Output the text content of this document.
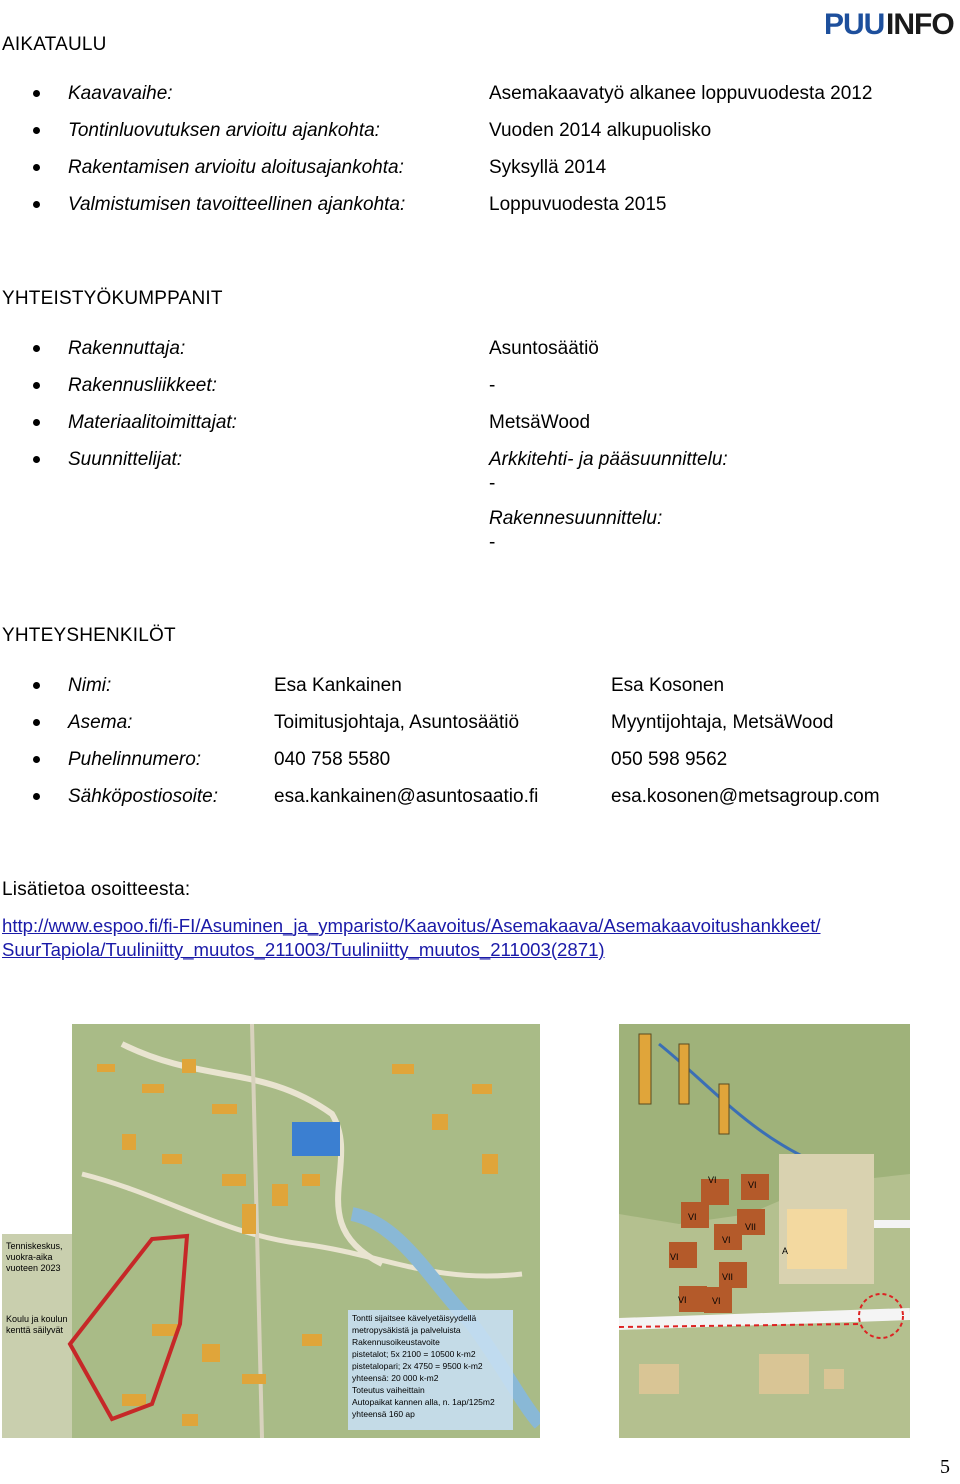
PUU INFO
AIKATAULU
Kaavavaihe:	Asemakaavatyö alkanee loppuvuodesta 2012
Tontinluovutuksen arvioitu ajankohta:	Vuoden 2014 alkupuolisko
Rakentamisen arvioitu aloitusajankohta:	Syksyllä 2014
Valmistumisen tavoitteellinen ajankohta:	Loppuvuodesta 2015
YHTEISTYÖKUMPPANIT
Rakennuttaja:	Asuntosäätiö
Rakennusliikkeet:	-
Materiaalitoimittajat:	MetsäWood
Suunnittelijat:	Arkkitehti- ja pääsuunnittelu:
-
Rakennesuunnittelu:
-
YHTEYSHENKILÖT
Nimi:	Esa Kankainen	Esa Kosonen
Asema:	Toimitusjohtaja, Asuntosäätiö	Myyntijohtaja, MetsäWood
Puhelinnumero:	040 758 5580	050 598 9562
Sähköpostiosoite:	esa.kankainen@asuntosaatio.fi	esa.kosonen@metsagroup.com
Lisätietoa osoitteesta:
http://www.espoo.fi/fi-FI/Asuminen_ja_ymparisto/Kaavoitus/Asemakaava/Asemakaavoitushankkeet/
SuurTapiola/Tuuliniitty_muutos_211003/Tuuliniitty_muutos_211003(2871)
Tenniskeskus,
vuokra-aika
vuoteen 2023
Koulu ja koulun
kenttä säilyvät
Tontti sijaitsee kävelyetäisyydellä
metropysäkistä ja palveluista
Rakennusoikeustavoite
pistetalot; 5x 2100 = 10500 k-m2
pistetalopari; 2x 4750 = 9500 k-m2
yhteensä: 20 000 k-m2
Toteutus vaiheittain
Autopaikat kannen alla, n. 1ap/125m2
yhteensä 160 ap
VI	VI
VI
VII
VI
VI
VII
VI	VI
A
5
